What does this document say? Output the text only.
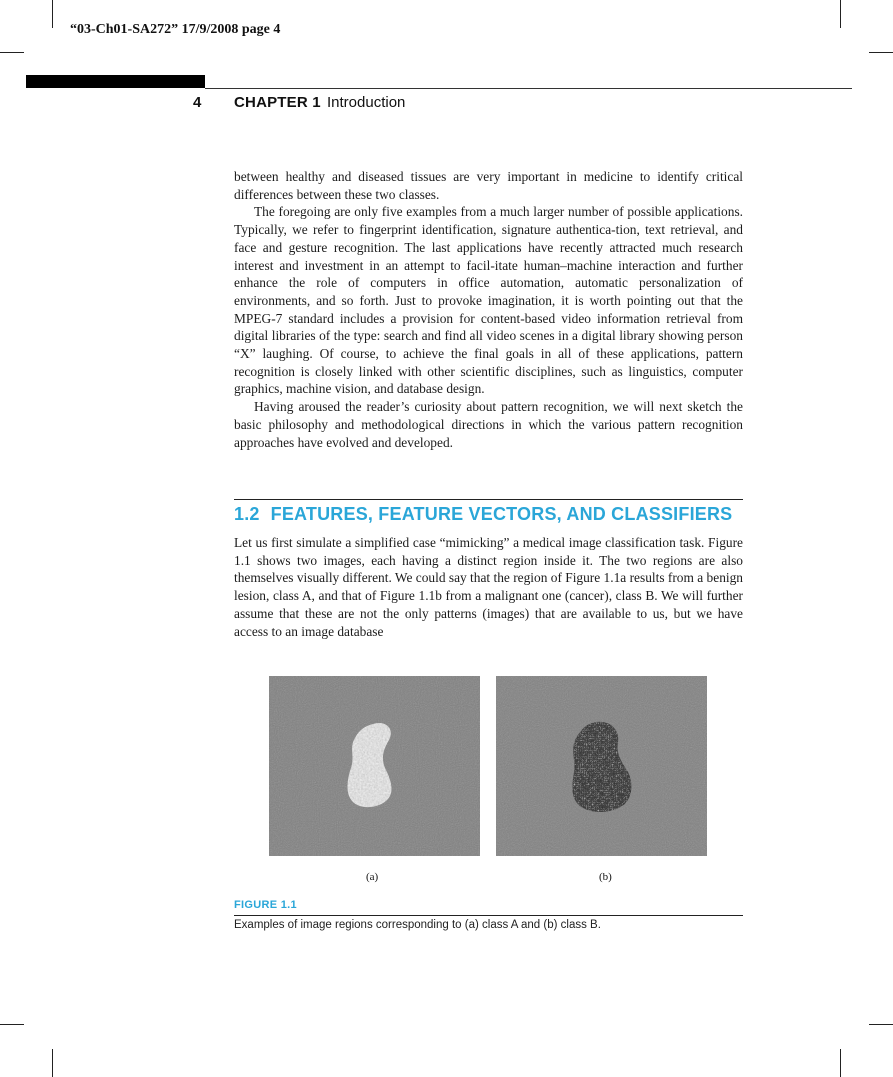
“03-Ch01-SA272” 17/9/2008 page 4
4 CHAPTER 1 Introduction

between healthy and diseased tissues are very important in medicine to identify critical differences between these two classes.

The foregoing are only five examples from a much larger number of possible applications. Typically, we refer to fingerprint identification, signature authentica-tion, text retrieval, and face and gesture recognition. The last applications have recently attracted much research interest and investment in an attempt to facil-itate human–machine interaction and further enhance the role of computers in office automation, automatic personalization of environments, and so forth. Just to provoke imagination, it is worth pointing out that the MPEG-7 standard includes a provision for content-based video information retrieval from digital libraries of the type: search and find all video scenes in a digital library showing person “X” laughing. Of course, to achieve the final goals in all of these applications, pattern recognition is closely linked with other scientific disciplines, such as linguistics, computer graphics, machine vision, and database design.

Having aroused the reader’s curiosity about pattern recognition, we will next sketch the basic philosophy and methodological directions in which the various pattern recognition approaches have evolved and developed.

1.2 FEATURES, FEATURE VECTORS, AND CLASSIFIERS

Let us first simulate a simplified case “mimicking” a medical image classification task. Figure 1.1 shows two images, each having a distinct region inside it. The two regions are also themselves visually different. We could say that the region of Figure 1.1a results from a benign lesion, class A, and that of Figure 1.1b from a malignant one (cancer), class B. We will further assume that these are not the only patterns (images) that are available to us, but we have access to an image database

(a)	(b)
FIGURE 1.1
Examples of image regions corresponding to (a) class A and (b) class B.
